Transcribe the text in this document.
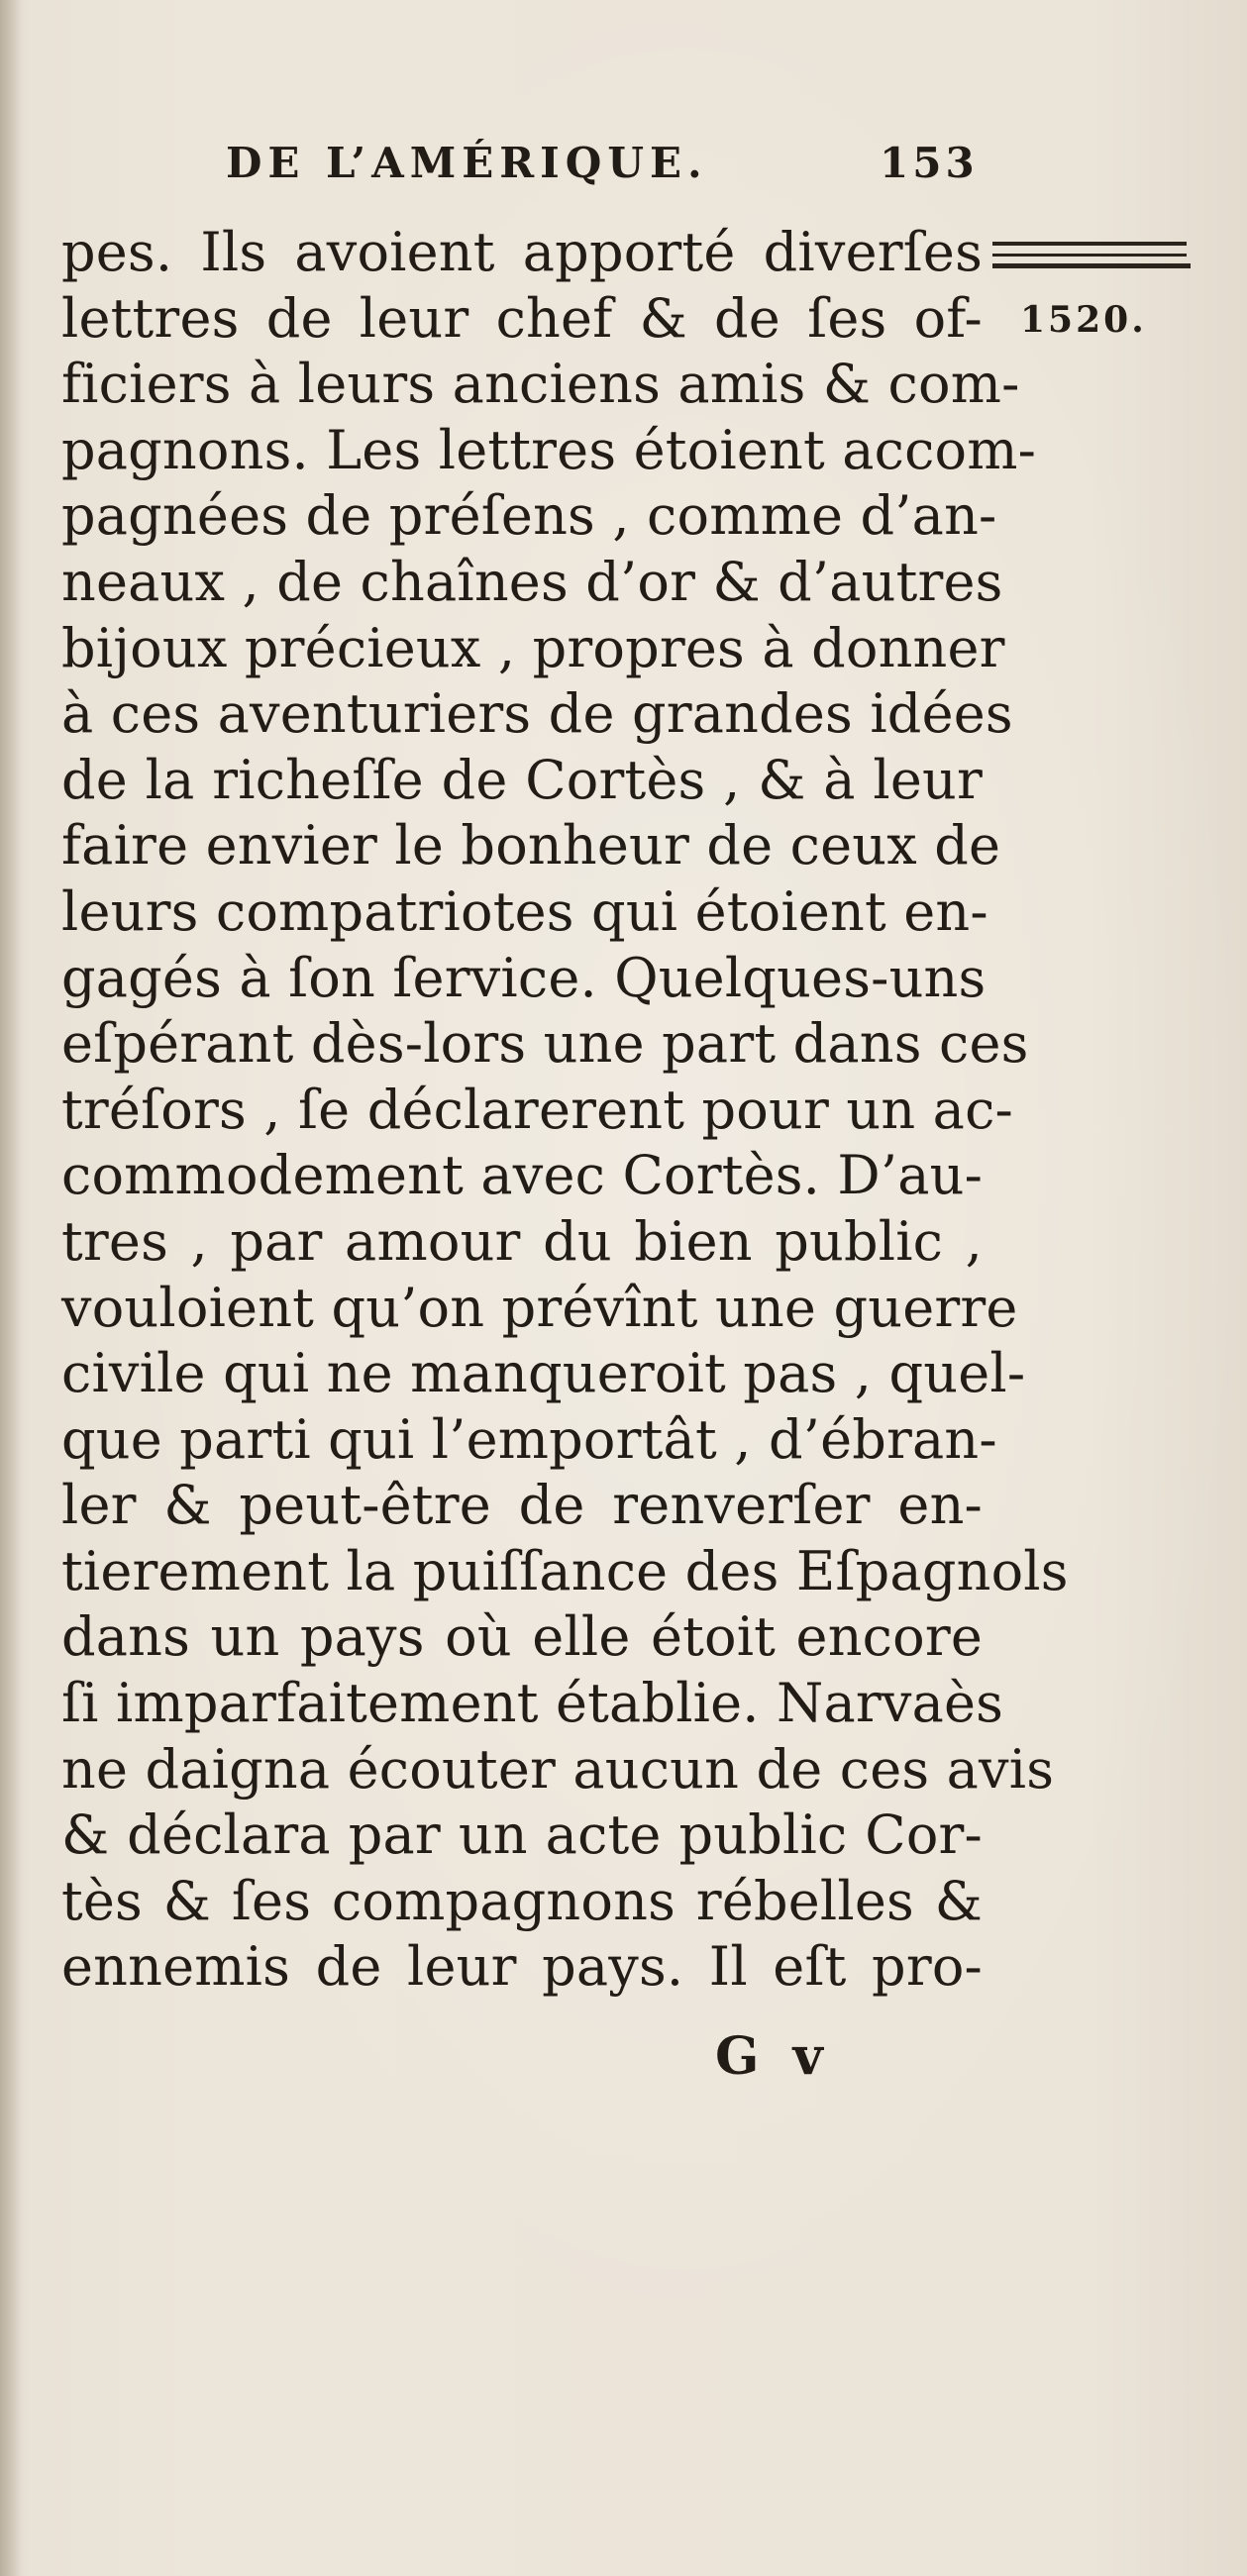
DE L’AMÉRIQUE.	153
1520.
pes. Ils avoient apporté diverſes
lettres de leur chef & de ſes of-
ficiers à leurs anciens amis & com-
pagnons. Les lettres étoient accom-
pagnées de préſens , comme d’an-
neaux , de chaînes d’or & d’autres
bijoux précieux , propres à donner
à ces aventuriers de grandes idées
de la richeſſe de Cortès , & à leur
faire envier le bonheur de ceux de
leurs compatriotes qui étoient en-
gagés à ſon ſervice. Quelques-uns
eſpérant dès-lors une part dans ces
tréſors , ſe déclarerent pour un ac-
commodement avec Cortès. D’au-
tres , par amour du bien public ,
vouloient qu’on prévînt une guerre
civile qui ne manqueroit pas , quel-
que parti qui l’emportât , d’ébran-
ler & peut-être de renverſer en-
tierement la puiſſance des Eſpagnols
dans un pays où elle étoit encore
ſi imparfaitement établie. Narvaès
ne daigna écouter aucun de ces avis
& déclara par un acte public Cor-
tès & ſes compagnons rébelles &
ennemis de leur pays. Il eſt pro-
G v
